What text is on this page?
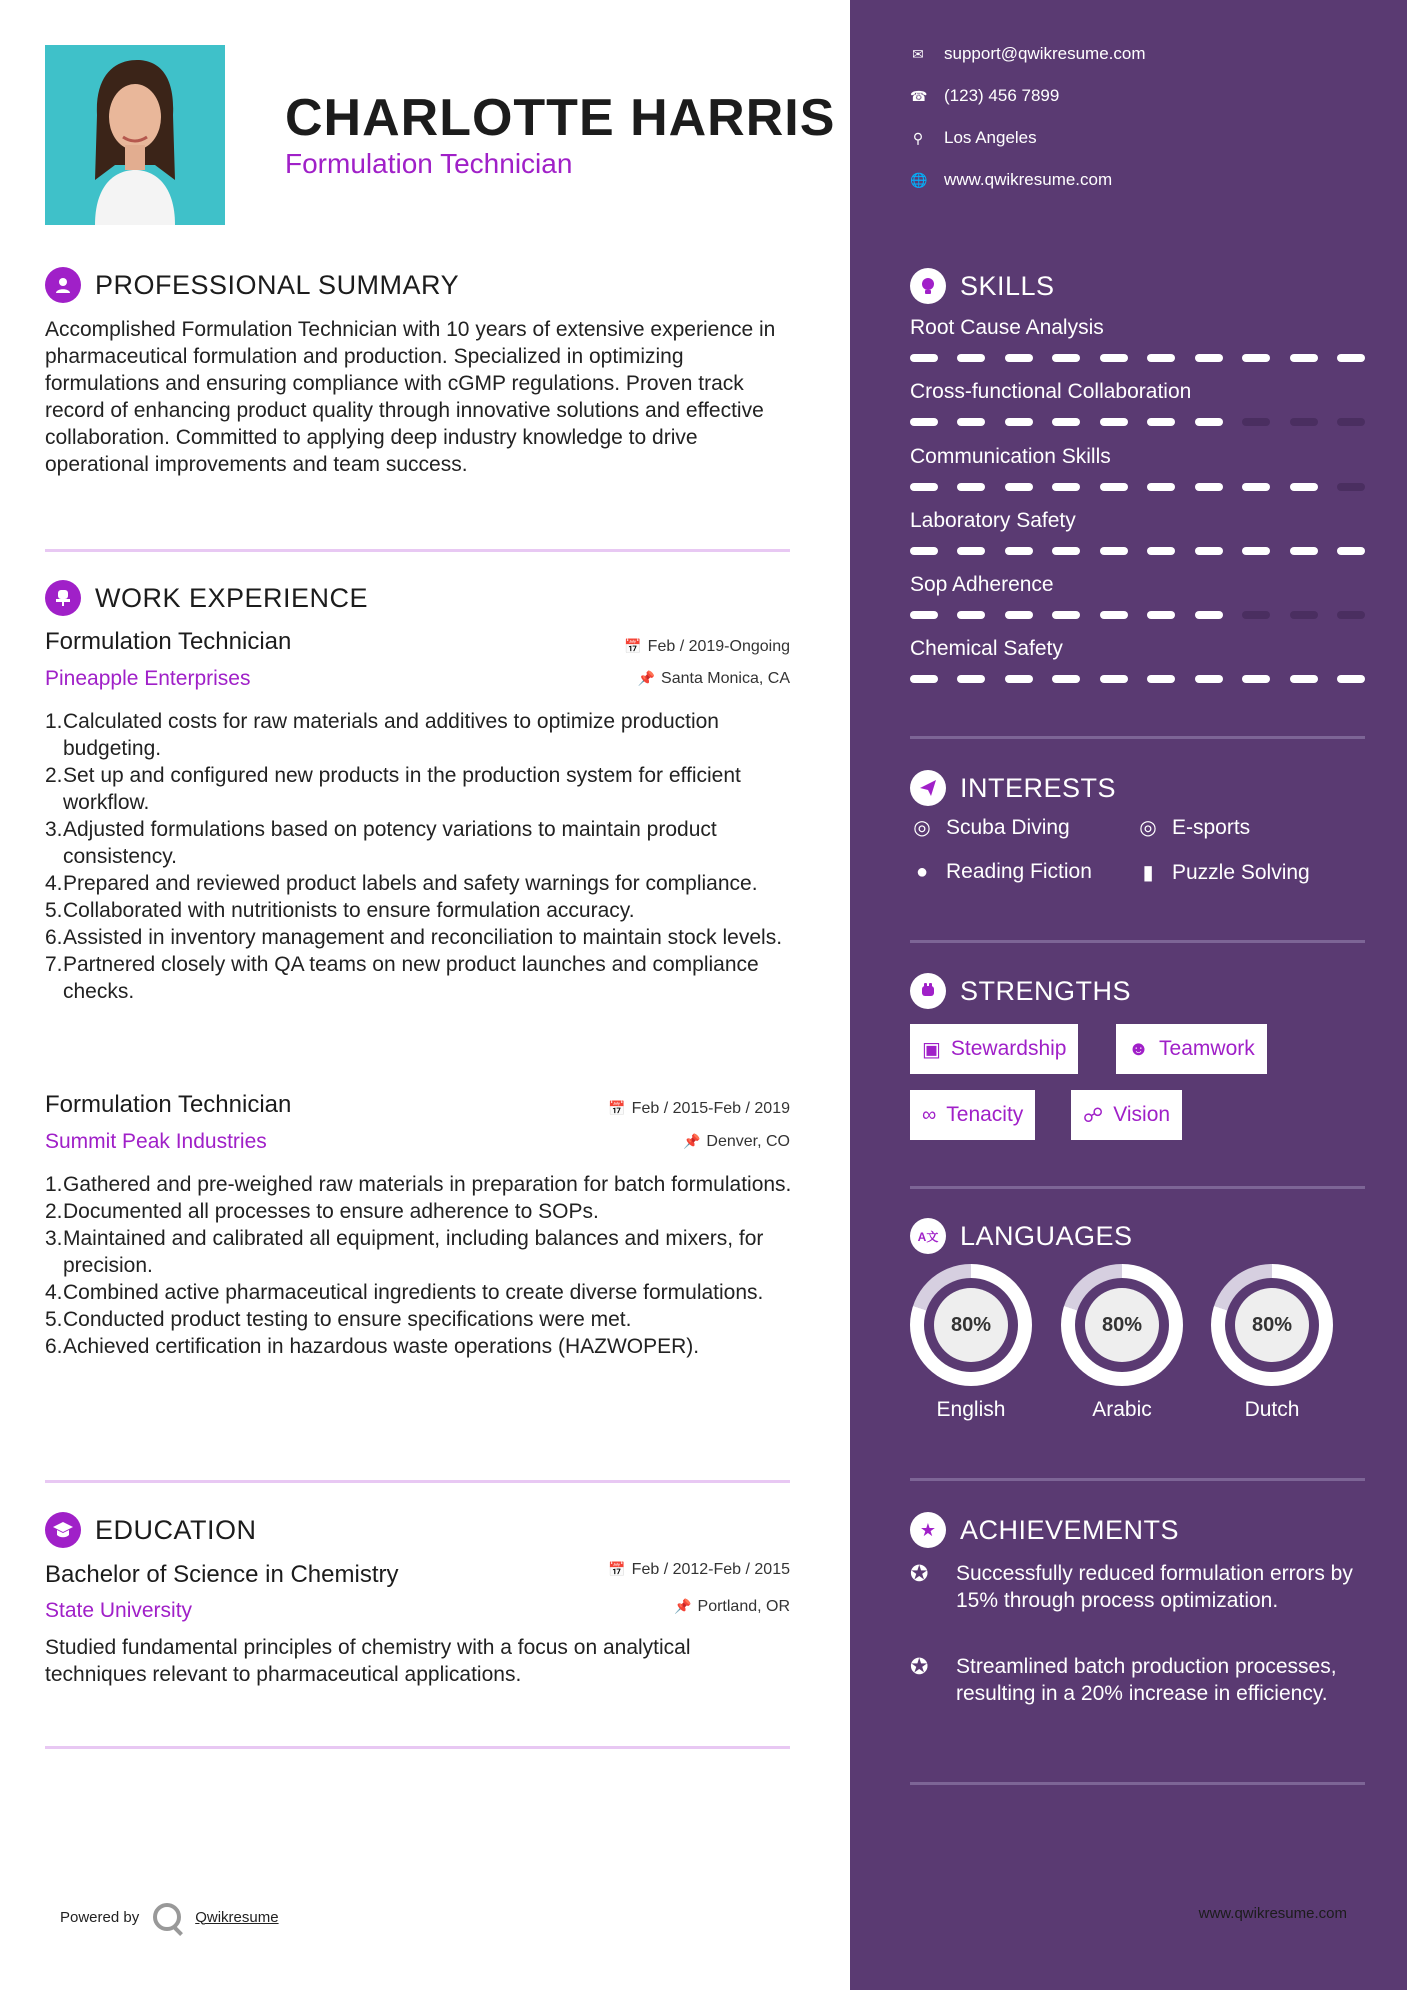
CHARLOTTE HARRIS
Formulation Technician
PROFESSIONAL SUMMARY
Accomplished Formulation Technician with 10 years of extensive experience in pharmaceutical formulation and production. Specialized in optimizing formulations and ensuring compliance with cGMP regulations. Proven track record of enhancing product quality through innovative solutions and effective collaboration. Committed to applying deep industry knowledge to drive operational improvements and team success.
WORK EXPERIENCE
Formulation Technician
Pineapple Enterprises
📅 Feb / 2019-Ongoing
📌 Santa Monica, CA
1. Calculated costs for raw materials and additives to optimize production budgeting.
2. Set up and configured new products in the production system for efficient workflow.
3. Adjusted formulations based on potency variations to maintain product consistency.
4. Prepared and reviewed product labels and safety warnings for compliance.
5. Collaborated with nutritionists to ensure formulation accuracy.
6. Assisted in inventory management and reconciliation to maintain stock levels.
7. Partnered closely with QA teams on new product launches and compliance checks.
Formulation Technician
Summit Peak Industries
📅 Feb / 2015-Feb / 2019
📌 Denver, CO
1. Gathered and pre-weighed raw materials in preparation for batch formulations.
2. Documented all processes to ensure adherence to SOPs.
3. Maintained and calibrated all equipment, including balances and mixers, for precision.
4. Combined active pharmaceutical ingredients to create diverse formulations.
5. Conducted product testing to ensure specifications were met.
6. Achieved certification in hazardous waste operations (HAZWOPER).
EDUCATION
Bachelor of Science in Chemistry
State University
📅 Feb / 2012-Feb / 2015
📌 Portland, OR
Studied fundamental principles of chemistry with a focus on analytical techniques relevant to pharmaceutical applications.
Powered by	Qwikresume
✉ support@qwikresume.com
☎ (123) 456 7899
⚲ Los Angeles
🌐 www.qwikresume.com
SKILLS
Root Cause Analysis
Cross-functional Collaboration
Communication Skills
Laboratory Safety
Sop Adherence
Chemical Safety
INTERESTS
◎ Scuba Diving	◎ E-sports
● Reading Fiction	▮ Puzzle Solving
STRENGTHS
▣ Stewardship	☻ Teamwork
∞ Tenacity	☍ Vision
A文 LANGUAGES
80%
English
80%
Arabic
80%
Dutch
★ ACHIEVEMENTS
✪	Successfully reduced formulation errors by 15% through process optimization.
✪	Streamlined batch production processes, resulting in a 20% increase in efficiency.
www.qwikresume.com
